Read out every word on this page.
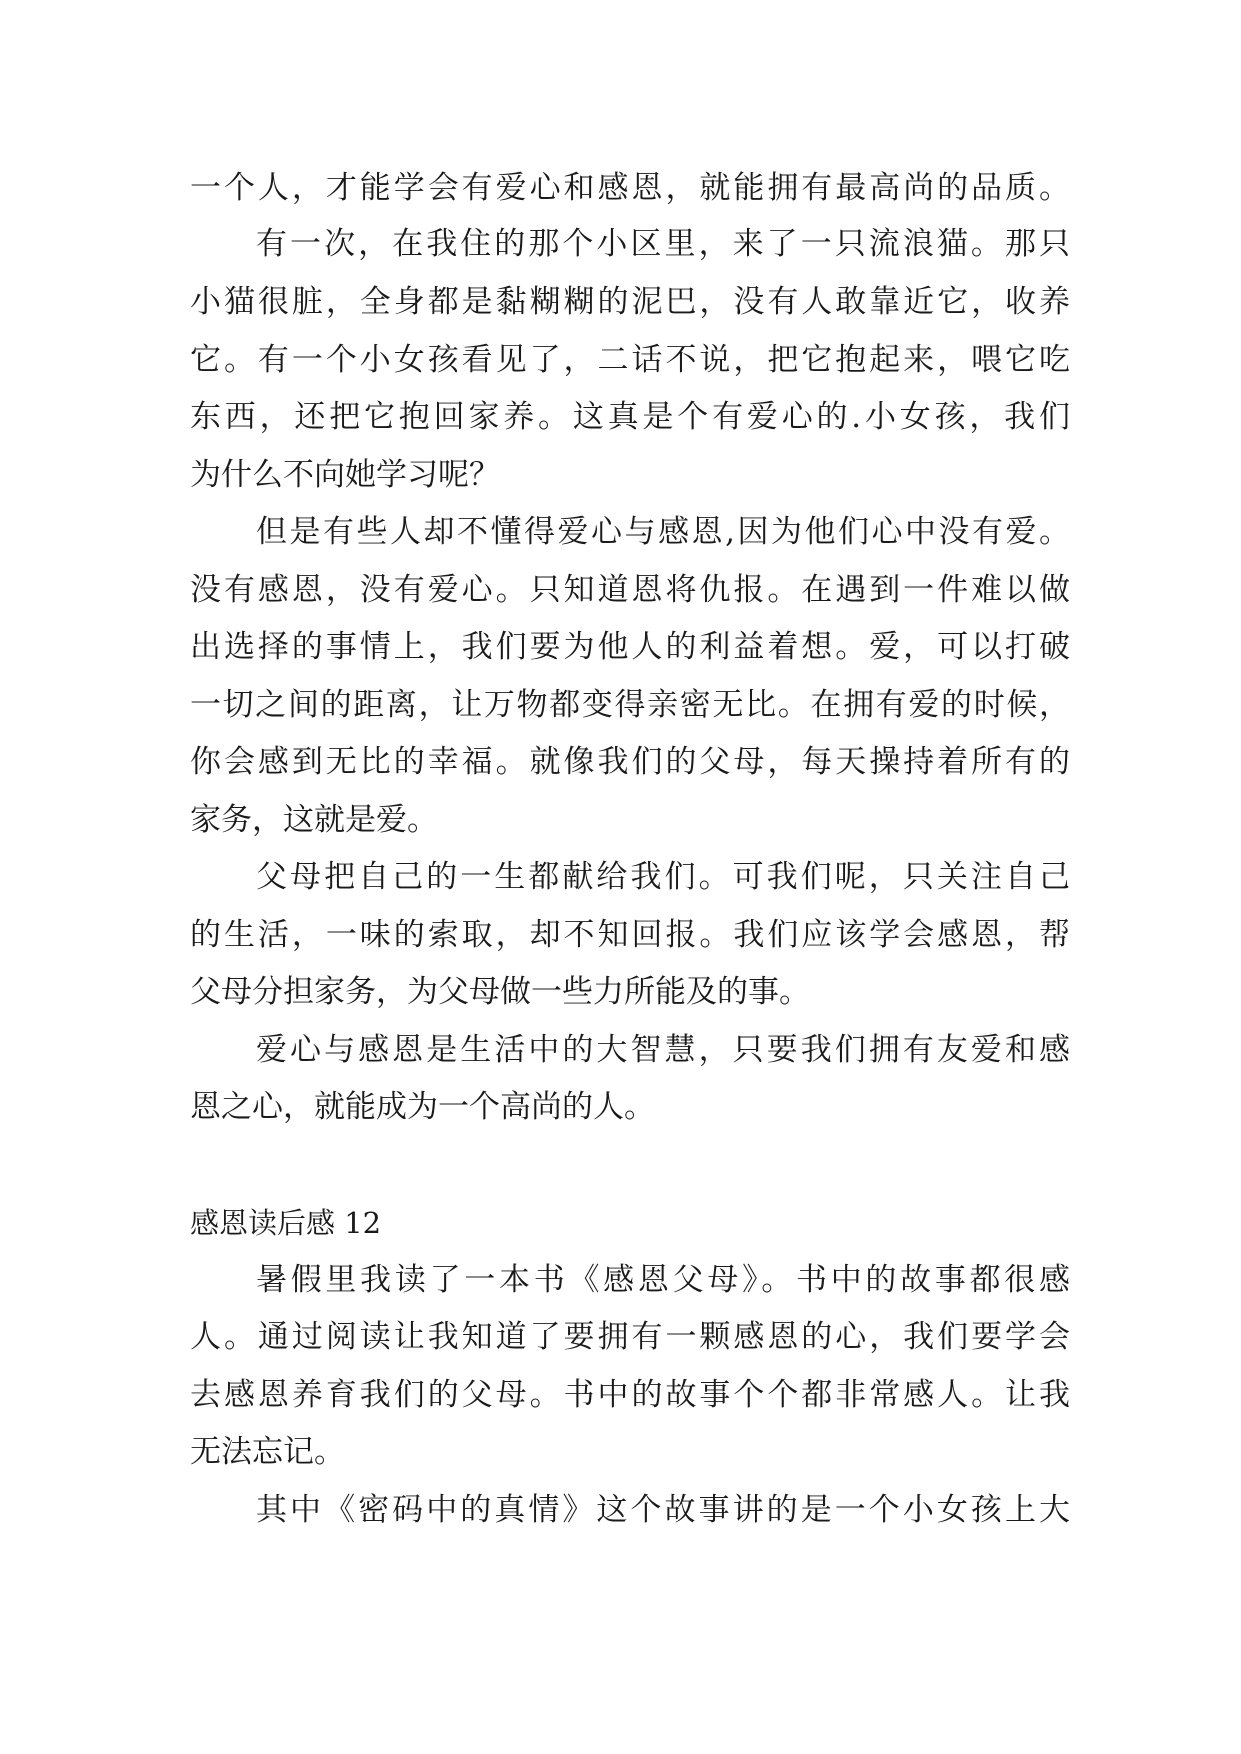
一个人，才能学会有爱心和感恩，就能拥有最高尚的品质。
有一次，在我住的那个小区里，来了一只流浪猫。那只
小猫很脏，全身都是黏糊糊的泥巴，没有人敢靠近它，收养
它。有一个小女孩看见了，二话不说，把它抱起来，喂它吃
东西，还把它抱回家养。这真是个有爱心的.小女孩，我们
为什么不向她学习呢？
但是有些人却不懂得爱心与感恩,因为他们心中没有爱。
没有感恩，没有爱心。只知道恩将仇报。在遇到一件难以做
出选择的事情上，我们要为他人的利益着想。爱，可以打破
一切之间的距离，让万物都变得亲密无比。在拥有爱的时候，
你会感到无比的幸福。就像我们的父母，每天操持着所有的
家务，这就是爱。
父母把自己的一生都献给我们。可我们呢，只关注自己
的生活，一味的索取，却不知回报。我们应该学会感恩，帮
父母分担家务，为父母做一些力所能及的事。
爱心与感恩是生活中的大智慧，只要我们拥有友爱和感
恩之心，就能成为一个高尚的人。
感恩读后感 12
暑假里我读了一本书《感恩父母》。书中的故事都很感
人。通过阅读让我知道了要拥有一颗感恩的心，我们要学会
去感恩养育我们的父母。书中的故事个个都非常感人。让我
无法忘记。
其中《密码中的真情》这个故事讲的是一个小女孩上大
